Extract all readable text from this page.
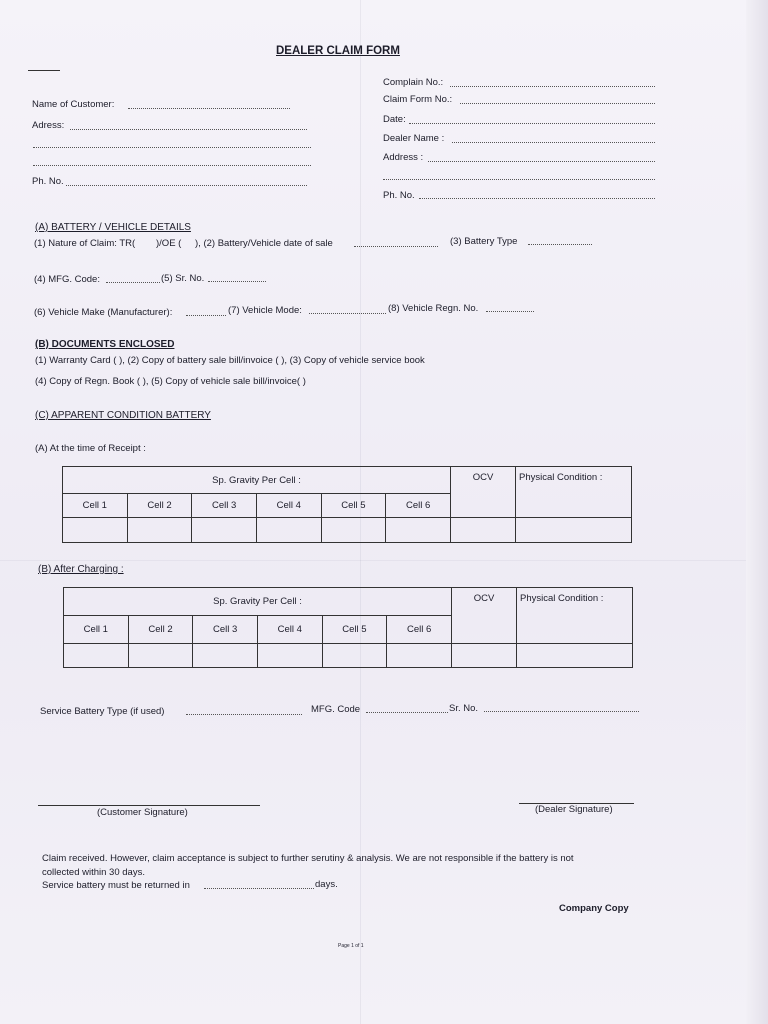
DEALER CLAIM FORM
Name of Customer:
Adress:
Ph. No.
Complain No.:
Claim Form No.:
Date:
Dealer Name :
Address :
Ph. No.
(A) BATTERY / VEHICLE DETAILS
(1) Nature of Claim: TR( )/OE ( ), (2) Battery/Vehicle date of sale	(3) Battery Type
(4) MFG. Code:	(5) Sr. No.
(6) Vehicle Make (Manufacturer):	(7) Vehicle Mode:	(8) Vehicle Regn. No.
(B) DOCUMENTS ENCLOSED
(1) Warranty Card ( ), (2) Copy of battery sale bill/invoice ( ), (3) Copy of vehicle service book
(4) Copy of Regn. Book ( ), (5) Copy of vehicle sale bill/invoice( )
(C) APPARENT CONDITION BATTERY
(A) At the time of Receipt :
Sp. Gravity Per Cell :						OCV	Physical Condition :
Cell 1	Cell 2	Cell 3	Cell 4	Cell 5	Cell 6		

(B) After Charging :
Sp. Gravity Per Cell :						OCV	Physical Condition :
Cell 1	Cell 2	Cell 3	Cell 4	Cell 5	Cell 6		

Service Battery Type (if used)	MFG. Code	Sr. No.
(Customer Signature)	(Dealer Signature)
Claim received. However, claim acceptance is subject to further serutiny & analysis. We are not responsible if the battery is not
collected within 30 days.
Service battery must be returned in	days.
Company Copy
Page 1 of 1
